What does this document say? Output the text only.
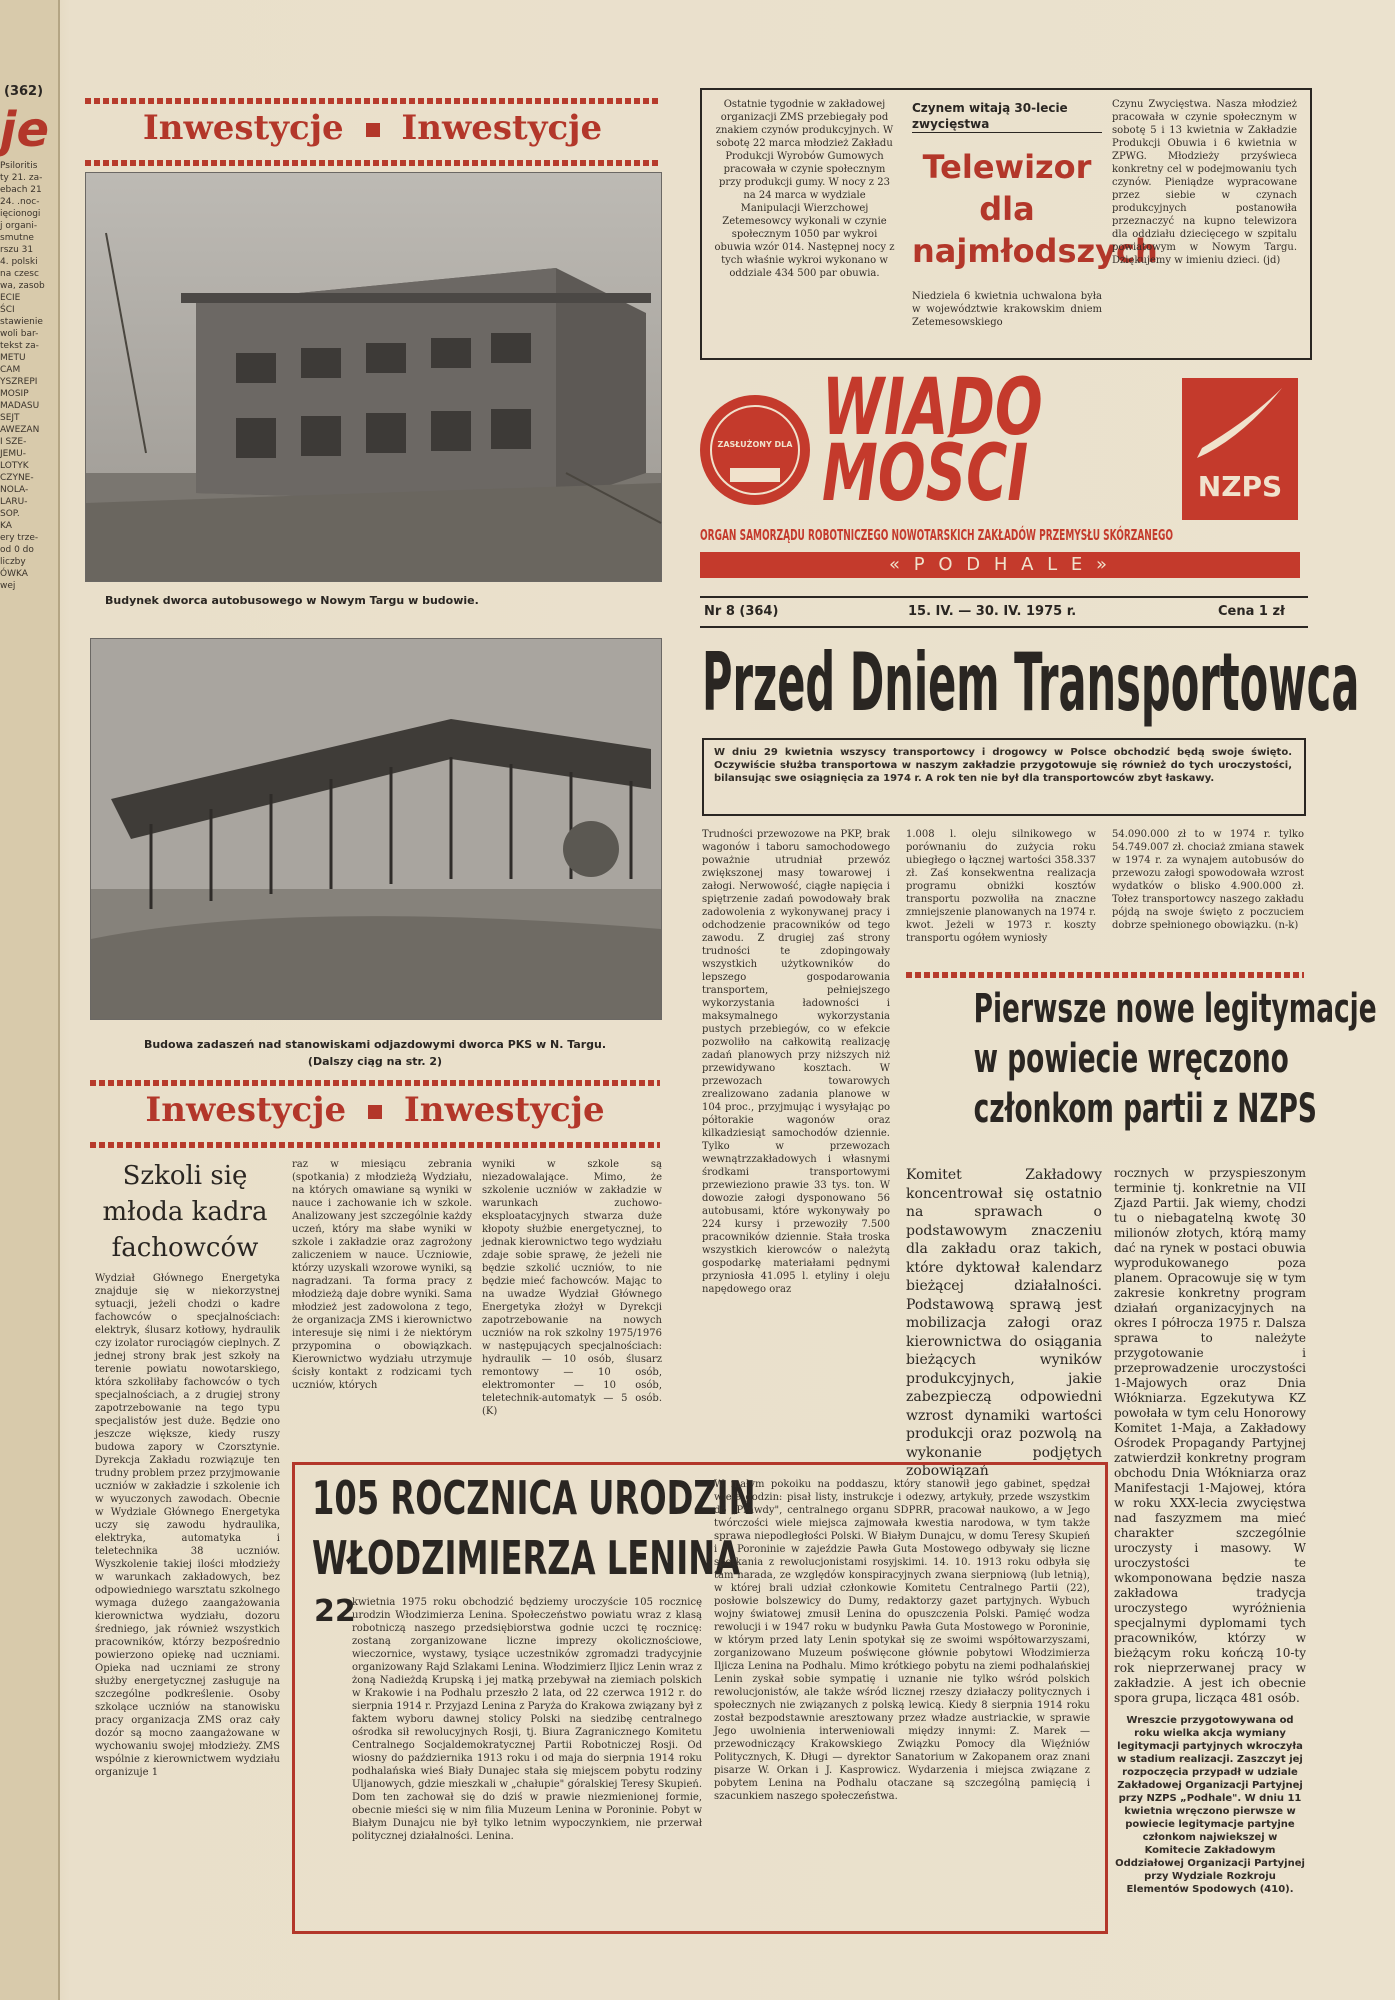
(362)
je
Psiloritis
ty 21. za-
ebach 21
24. .noc-
ięcionogi
j organi-
smutne
rszu 31
4. polski
na czesc
wa, zasob
ECIE
ŚCI
stawienie
woli bar-
tekst za-
METU
CAM
YSZREPI
MOSIP
MADASU
SEJT
AWEZAN
I SZE-
JEMU-
LOTYK
CZYNE-
NOLA-
LARU-
SOP.
KA
ery trze-
od 0 do
liczby
ÓWKA
wej
Inwestycje Inwestycje
Budynek dworca autobusowego w Nowym Targu w budowie.
Budowa zadaszeń nad stanowiskami odjazdowymi dworca PKS w N. Targu.
(Dalszy ciąg na str. 2)
Inwestycje Inwestycje
Szkoli się młoda kadra fachowców
Wydział Głównego Energetyka znajduje się w niekorzystnej sytuacji, jeżeli chodzi o kadre fachowców o specjalnościach: elektryk, ślusarz kotłowy, hydraulik czy izolator rurociągów cieplnych. Z jednej strony brak jest szkoły na terenie powiatu nowotarskiego, która szkoliłaby fachowców o tych specjalnościach, a z drugiej strony zapotrzebowanie na tego typu specjalistów jest duże. Będzie ono jeszcze większe, kiedy ruszy budowa zapory w Czorsztynie. Dyrekcja Zakładu rozwiązuje ten trudny problem przez przyjmowanie uczniów w zakładzie i szkolenie ich w wyuczonych zawodach. Obecnie w Wydziale Głównego Energetyka uczy się zawodu hydraulika, elektryka, automatyka i teletechnika 38 uczniów. Wyszkolenie takiej ilości młodzieży w warunkach zakładowych, bez odpowiedniego warsztatu szkolnego wymaga dużego zaangażowania kierownictwa wydziału, dozoru średniego, jak również wszystkich pracowników, którzy bezpośrednio powierzono opiekę nad uczniami. Opieka nad uczniami ze strony służby energetycznej zasługuje na szczególne podkreślenie. Osoby szkolące uczniów na stanowisku pracy organizacja ZMS oraz cały dozór są mocno zaangażowane w wychowaniu swojej młodzieży. ZMS wspólnie z kierownictwem wydziału organizuje 1
raz w miesiącu zebrania (spotkania) z młodzieżą Wydziału, na których omawiane są wyniki w nauce i zachowanie ich w szkole. Analizowany jest szczególnie każdy uczeń, który ma słabe wyniki w szkole i zakładzie oraz zagrożony zaliczeniem w nauce. Uczniowie, którzy uzyskali wzorowe wyniki, są nagradzani. Ta forma pracy z młodzieżą daje dobre wyniki. Sama młodzież jest zadowolona z tego, że organizacja ZMS i kierownictwo interesuje się nimi i że niektórym przypomina o obowiązkach. Kierownictwo wydziału utrzymuje ścisły kontakt z rodzicami tych uczniów, których
wyniki w szkole są niezadowalające. Mimo, że szkolenie uczniów w zakładzie w warunkach zuchowo-eksploatacyjnych stwarza duże kłopoty służbie energetycznej, to jednak kierownictwo tego wydziału zdaje sobie sprawę, że jeżeli nie będzie szkolić uczniów, to nie będzie mieć fachowców. Mając to na uwadze Wydział Głównego Energetyka złożył w Dyrekcji zapotrzebowanie na nowych uczniów na rok szkolny 1975/1976 w następujących specjalnościach: hydraulik — 10 osób, ślusarz remontowy — 10 osób, elektromonter — 10 osób, teletechnik-automatyk — 5 osób. (K)
Ostatnie tygodnie w zakładowej organizacji ZMS przebiegały pod znakiem czynów produkcyjnych. W sobotę 22 marca młodzież Zakładu Produkcji Wyrobów Gumowych pracowała w czynie społecznym przy produkcji gumy. W nocy z 23 na 24 marca w wydziale Manipulacji Wierzchowej Zetemesowcy wykonali w czynie społecznym 1050 par wykroi obuwia wzór 014. Następnej nocy z tych właśnie wykroi wykonano w oddziale 434 500 par obuwia.
Czynem witają 30-lecie zwycięstwa
Telewizor dla najmłodszych
Niedziela 6 kwietnia uchwalona była w województwie krakowskim dniem Zetemesowskiego
Czynu Zwycięstwa. Nasza młodzież pracowała w czynie społecznym w sobotę 5 i 13 kwietnia w Zakładzie Produkcji Obuwia i 6 kwietnia w ZPWG. Młodzieży przyświeca konkretny cel w podejmowaniu tych czynów. Pieniądze wypracowane przez siebie w czynach produkcyjnych postanowiła przeznaczyć na kupno telewizora dla oddziału dziecięcego w szpitalu powiatowym w Nowym Targu. Dziękujemy w imieniu dzieci. (jd)
ZASŁUŻONY DLA WIADO
MOŚCI	NZPS
ORGAN SAMORZĄDU ROBOTNICZEGO NOWOTARSKICH ZAKŁADÓW PRZEMYSŁU SKÓRZANEGO
« P O D H A L E »
Nr 8 (364)	15. IV. — 30. IV. 1975 r.	Cena 1 zł
Przed Dniem Transportowca
W dniu 29 kwietnia wszyscy transportowcy i drogowcy w Polsce obchodzić będą swoje święto. Oczywiście służba transportowa w naszym zakładzie przygotowuje się również do tych uroczystości, bilansując swe osiągnięcia za 1974 r. A rok ten nie był dla transportowców zbyt łaskawy.
Trudności przewozowe na PKP, brak wagonów i taboru samochodowego poważnie utrudniał przewóz zwiększonej masy towarowej i załogi. Nerwowość, ciągłe napięcia i spiętrzenie zadań powodowały brak zadowolenia z wykonywanej pracy i odchodzenie pracowników od tego zawodu. Z drugiej zaś strony trudności te zdopingowały wszystkich użytkowników do lepszego gospodarowania transportem, pełniejszego wykorzystania ładowności i maksymalnego wykorzystania pustych przebiegów, co w efekcie pozwoliło na całkowitą realizację zadań planowych przy niższych niż przewidywano kosztach. W przewozach towarowych zrealizowano zadania planowe w 104 proc., przyjmując i wysyłając po półtorakie wagonów oraz kilkadziesiąt samochodów dziennie. Tylko w przewozach wewnątrzzakładowych i własnymi środkami transportowymi przewieziono prawie 33 tys. ton. W dowozie załogi dysponowano 56 autobusami, które wykonywały po 224 kursy i przewoziły 7.500 pracowników dziennie. Stała troska wszystkich kierowców o należytą gospodarkę materiałami pędnymi przyniosła 41.095 l. etyliny i oleju napędowego oraz
1.008 l. oleju silnikowego w porównaniu do zużycia roku ubiegłego o łącznej wartości 358.337 zł. Zaś konsekwentna realizacja programu obniżki kosztów transportu pozwoliła na znaczne zmniejszenie planowanych na 1974 r. kwot. Jeżeli w 1973 r. koszty transportu ogółem wyniosły
54.090.000 zł to w 1974 r. tylko 54.749.007 zł. chociaż zmiana stawek w 1974 r. za wynajem autobusów do przewozu załogi spowodowała wzrost wydatków o blisko 4.900.000 zł. Tołez transportowcy naszego zakładu pójdą na swoje święto z poczuciem dobrze spełnionego obowiązku. (n-k)
Pierwsze nowe legitymacje
w powiecie wręczono
członkom partii z NZPS
Komitet Zakładowy koncentrował się ostatnio na sprawach o podstawowym znaczeniu dla zakładu oraz takich, które dyktował kalendarz bieżącej działalności. Podstawową sprawą jest mobilizacja załogi oraz kierownictwa do osiągania bieżących wyników produkcyjnych, jakie zabezpieczą odpowiedni wzrost dynamiki wartości produkcji oraz pozwolą na wykonanie podjętych zobowiązań
rocznych w przyspieszonym terminie tj. konkretnie na VII Zjazd Partii. Jak wiemy, chodzi tu o niebagatelną kwotę 30 milionów złotych, którą mamy dać na rynek w postaci obuwia wyprodukowanego poza planem. Opracowuje się w tym zakresie konkretny program działań organizacyjnych na okres I półrocza 1975 r. Dalsza sprawa to należyte przygotowanie i przeprowadzenie uroczystości 1-Majowych oraz Dnia Włókniarza. Egzekutywa KZ powołała w tym celu Honorowy Komitet 1-Maja, a Zakładowy Ośrodek Propagandy Partyjnej zatwierdził konkretny program obchodu Dnia Włókniarza oraz Manifestacji 1-Majowej, która w roku XXX-lecia zwycięstwa nad faszyzmem ma mieć charakter szczególnie uroczysty i masowy. W uroczystości te wkomponowana będzie nasza zakładowa tradycja uroczystego wyróżnienia specjalnymi dyplomami tych pracowników, którzy w bieżącym roku kończą 10-ty rok nieprzerwanej pracy w zakładzie. A jest ich obecnie spora grupa, licząca 481 osób.
Wreszcie przygotowywana od roku wielka akcja wymiany legitymacji partyjnych wkroczyła w stadium realizacji. Zaszczyt jej rozpoczęcia przypadł w udziale Zakładowej Organizacji Partyjnej przy NZPS „Podhale". W dniu 11 kwietnia wręczono pierwsze w powiecie legitymacje partyjne członkom najwiekszej w Komitecie Zakładowym Oddziałowej Organizacji Partyjnej przy Wydziale Rozkroju Elementów Spodowych (410).
105 ROCZNICA URODZIN
WŁODZIMIERZA LENINA
22
kwietnia 1975 roku obchodzić będziemy uroczyście 105 rocznicę urodzin Włodzimierza Lenina. Społeczeństwo powiatu wraz z klasą robotniczą naszego przedsiębiorstwa godnie uczci tę rocznicę: zostaną zorganizowane liczne imprezy okolicznościowe, wieczornice, wystawy, tysiące uczestników zgromadzi tradycyjnie organizowany Rajd Szlakami Lenina. Włodzimierz Iljicz Lenin wraz z żoną Nadieżdą Krupską i jej matką przebywał na ziemiach polskich w Krakowie i na Podhalu przeszło 2 lata, od 22 czerwca 1912 r. do sierpnia 1914 r. Przyjazd Lenina z Paryża do Krakowa związany był z faktem wyboru dawnej stolicy Polski na siedzibę centralnego ośrodka sił rewolucyjnych Rosji, tj. Biura Zagranicznego Komitetu Centralnego Socjaldemokratycznej Partii Robotniczej Rosji. Od wiosny do października 1913 roku i od maja do sierpnia 1914 roku podhalańska wieś Biały Dunajec stała się miejscem pobytu rodziny Uljanowych, gdzie mieszkali w „chałupie" góralskiej Teresy Skupień. Dom ten zachował się do dziś w prawie niezmienionej formie, obecnie mieści się w nim filia Muzeum Lenina w Poroninie. Pobyt w Białym Dunajcu nie był tylko letnim wypoczynkiem, nie przerwał politycznej działalności. Lenina.
W małym pokoiku na poddaszu, który stanowił jego gabinet, spędzał wiele godzin: pisał listy, instrukcje i odezwy, artykuły, przede wszystkim do „Prawdy", centralnego organu SDPRR, pracował naukowo, a w Jego twórczości wiele miejsca zajmowała kwestia narodowa, w tym także sprawa niepodległości Polski. W Białym Dunajcu, w domu Teresy Skupień i w Poroninie w zajeździe Pawła Guta Mostowego odbywały się liczne spotkania z rewolucjonistami rosyjskimi. 14. 10. 1913 roku odbyła się tam narada, ze względów konspiracyjnych zwana sierpniową (lub letnią), w której brali udział członkowie Komitetu Centralnego Partii (22), posłowie bolszewicy do Dumy, redaktorzy gazet partyjnych. Wybuch wojny światowej zmusił Lenina do opuszczenia Polski. Pamięć wodza rewolucji i w 1947 roku w budynku Pawła Guta Mostowego w Poroninie, w którym przed laty Lenin spotykał się ze swoimi współtowarzyszami, zorganizowano Muzeum poświęcone głównie pobytowi Włodzimierza Iljicza Lenina na Podhalu. Mimo krótkiego pobytu na ziemi podhalańskiej Lenin zyskał sobie sympatię i uznanie nie tylko wśród polskich rewolucjonistów, ale także wśród licznej rzeszy działaczy politycznych i społecznych nie związanych z polską lewicą. Kiedy 8 sierpnia 1914 roku został bezpodstawnie aresztowany przez władze austriackie, w sprawie Jego uwolnienia interweniowali między innymi: Z. Marek — przewodniczący Krakowskiego Związku Pomocy dla Więźniów Politycznych, K. Długi — dyrektor Sanatorium w Zakopanem oraz znani pisarze W. Orkan i J. Kasprowicz. Wydarzenia i miejsca związane z pobytem Lenina na Podhalu otaczane są szczególną pamięcią i szacunkiem naszego społeczeństwa.
